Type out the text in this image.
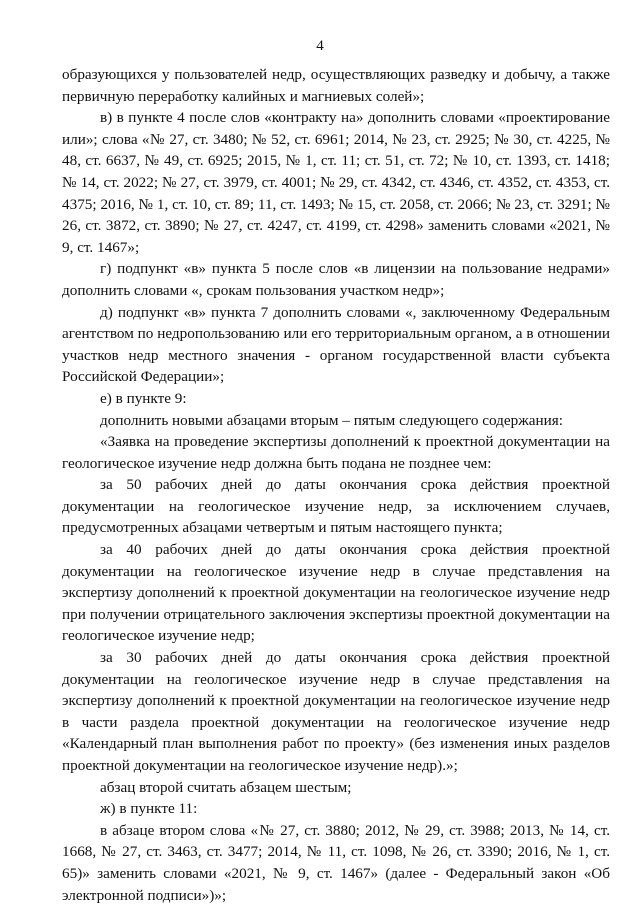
4

образующихся у пользователей недр, осуществляющих разведку и добычу, а также первичную переработку калийных и магниевых солей»;

в) в пункте 4 после слов «контракту на» дополнить словами «проектирование или»; слова «№ 27, ст. 3480; № 52, ст. 6961; 2014, № 23, ст. 2925; № 30, ст. 4225, № 48, ст. 6637, № 49, ст. 6925; 2015, № 1, ст. 11; ст. 51, ст. 72; № 10, ст. 1393, ст. 1418; № 14, ст. 2022; № 27, ст. 3979, ст. 4001; № 29, ст. 4342, ст. 4346, ст. 4352, ст. 4353, ст. 4375; 2016, № 1, ст. 10, ст. 89; 11, ст. 1493; № 15, ст. 2058, ст. 2066; № 23, ст. 3291; № 26, ст. 3872, ст. 3890; № 27, ст. 4247, ст. 4199, ст. 4298» заменить словами «2021, № 9, ст. 1467»;

г) подпункт «в» пункта 5 после слов «в лицензии на пользование недрами» дополнить словами «, срокам пользования участком недр»;

д) подпункт «в» пункта 7 дополнить словами «, заключенному Федеральным агентством по недропользованию или его территориальным органом, а в отношении участков недр местного значения - органом государственной власти субъекта Российской Федерации»;

е) в пункте 9:

дополнить новыми абзацами вторым – пятым следующего содержания:

«Заявка на проведение экспертизы дополнений к проектной документации на геологическое изучение недр должна быть подана не позднее чем:

за 50 рабочих дней до даты окончания срока действия проектной документации на геологическое изучение недр, за исключением случаев, предусмотренных абзацами четвертым и пятым настоящего пункта;

за 40 рабочих дней до даты окончания срока действия проектной документации на геологическое изучение недр в случае представления на экспертизу дополнений к проектной документации на геологическое изучение недр при получении отрицательного заключения экспертизы проектной документации на геологическое изучение недр;

за 30 рабочих дней до даты окончания срока действия проектной документации на геологическое изучение недр в случае представления на экспертизу дополнений к проектной документации на геологическое изучение недр в части раздела проектной документации на геологическое изучение недр «Календарный план выполнения работ по проекту» (без изменения иных разделов проектной документации на геологическое изучение недр).»;

абзац второй считать абзацем шестым;

ж) в пункте 11:

в абзаце втором слова «№ 27, ст. 3880; 2012, № 29, ст. 3988; 2013, № 14, ст. 1668, № 27, ст. 3463, ст. 3477; 2014, № 11, ст. 1098, № 26, ст. 3390; 2016, № 1, ст. 65)» заменить словами «2021, № 9, ст. 1467» (далее - Федеральный закон «Об электронной подписи»)»;
